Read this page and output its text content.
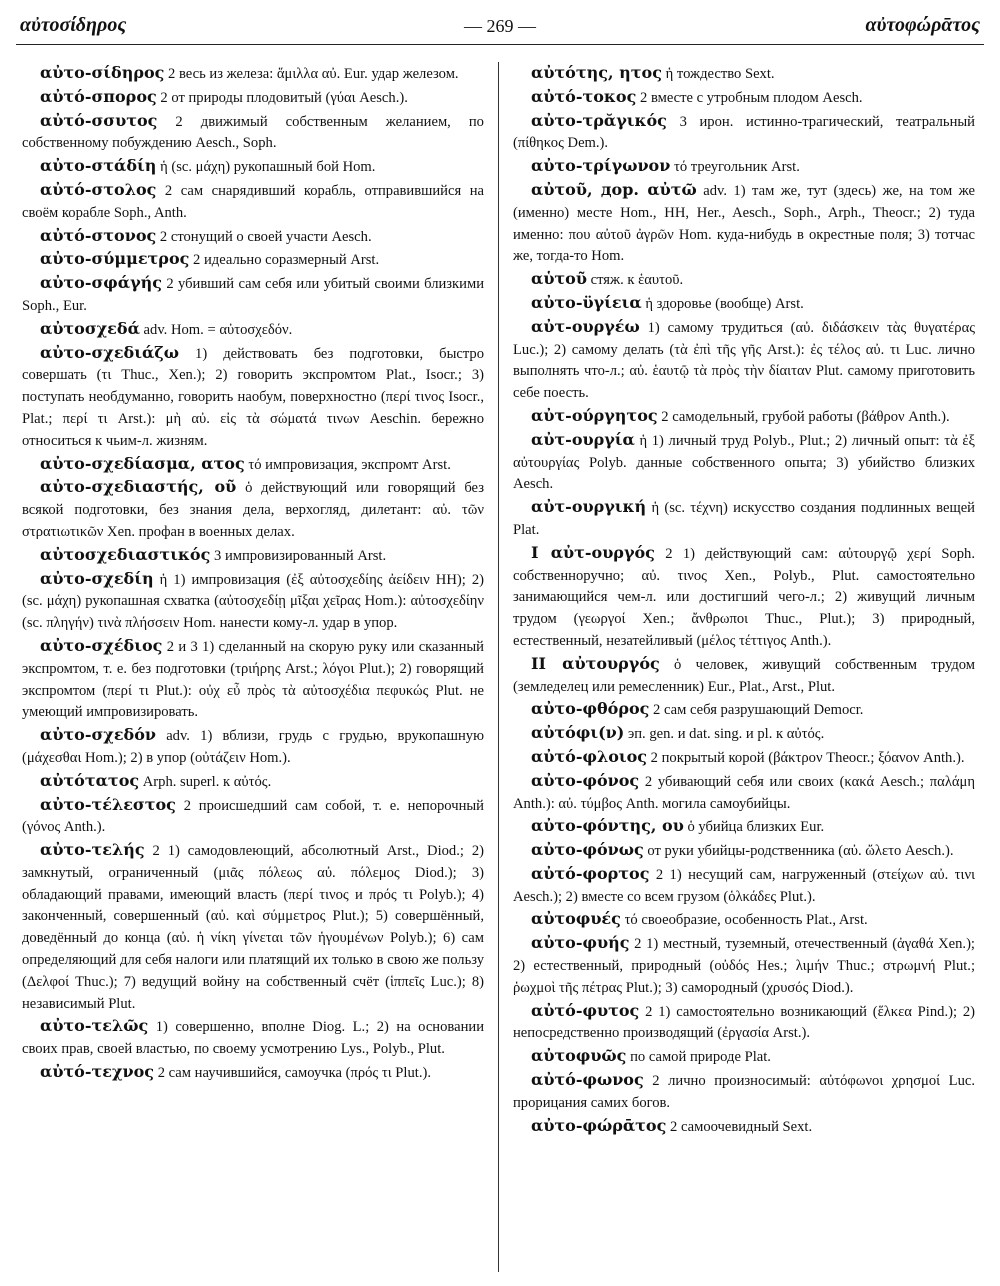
αὐτοσίδηρος	— 269 —	αὐτοφώρᾱτος

αὐτο-σίδηρος 2 весь из железа: ἅμιλλα αὐ. Eur. удар железом.

αὐτό-σπορος 2 от природы плодовитый (γύαι Aesch.).

αὐτό-σσυτος 2 движимый собственным желанием, по собственному побуждению Aesch., Soph.

αὐτο-στάδίη ἡ (sc. μάχη) рукопашный бой Hom.

αὐτό-στολος 2 сам снарядивший корабль, отправившийся на своём корабле Soph., Anth.

αὐτό-στονος 2 стонущий о своей участи Aesch.

αὐτο-σύμμετρος 2 идеально соразмерный Arst.

αὐτο-σφάγής 2 убивший сам себя или убитый своими близкими Soph., Eur.

αὐτοσχεδά adv. Hom. = αὐτοσχεδόν.

αὐτο-σχεδιάζω 1) действовать без подготовки, быстро совершать (τι Thuc., Xen.); 2) говорить экспромтом Plat., Isocr.; 3) поступать необдуманно, говорить наобум, поверхностно (περί τινος Isocr., Plat.; περί τι Arst.): μὴ αὐ. εἰς τὰ σώματά τινων Aeschin. бережно относиться к чьим-л. жизням.

αὐτο-σχεδίασμα, ατος τό импровизация, экспромт Arst.

αὐτο-σχεδιαστής, οῦ ὁ действующий или говорящий без всякой подготовки, без знания дела, верхогляд, дилетант: αὐ. τῶν στρατιωτικῶν Xen. профан в военных делах.

αὐτοσχεδιαστικός 3 импровизированный Arst.

αὐτο-σχεδίη ἡ 1) импровизация (ἐξ αὐτοσχεδίης ἀείδειν HH); 2) (sc. μάχη) рукопашная схватка (αὐτοσχεδίῃ μῖξαι χεῖρας Hom.): αὐτοσχεδίην (sc. πληγήν) τινὰ πλήσσειν Hom. нанести кому-л. удар в упор.

αὐτο-σχέδιος 2 и 3 1) сделанный на скорую руку или сказанный экспромтом, т. е. без подготовки (τριήρης Arst.; λόγοι Plut.); 2) говорящий экспромтом (περί τι Plut.): οὐχ εὖ πρὸς τὰ αὐτοσχέδια πεφυκώς Plut. не умеющий импровизировать.

αὐτο-σχεδόν adv. 1) вблизи, грудь с грудью, врукопашную (μάχεσθαι Hom.); 2) в упор (οὐτάζειν Hom.).

αὐτότατος Arph. superl. к αὐτός.

αὐτο-τέλεστος 2 происшедший сам собой, т. е. непорочный (γόνος Anth.).

αὐτο-τελής 2 1) самодовлеющий, абсолютный Arst., Diod.; 2) замкнутый, ограниченный (μιᾶς πόλεως αὐ. πόλεμος Diod.); 3) обладающий правами, имеющий власть (περί τινος и πρός τι Polyb.); 4) законченный, совершенный (αὐ. καὶ σύμμετρος Plut.); 5) совершённый, доведённый до конца (αὐ. ἡ νίκη γίνεται τῶν ἡγουμένων Polyb.); 6) сам определяющий для себя налоги или платящий их только в свою же пользу (Δελφοί Thuc.); 7) ведущий войну на собственный счёт (ἱππεῖς Luc.); 8) независимый Plut.

αὐτο-τελῶς 1) совершенно, вполне Diog. L.; 2) на основании своих прав, своей властью, по своему усмотрению Lys., Polyb., Plut.

αὐτό-τεχνος 2 сам научившийся, самоучка (πρός τι Plut.).

αὐτότης, ητος ἡ тождество Sext.

αὐτό-τοκος 2 вместе с утробным плодом Aesch.

αὐτο-τρᾰγικός 3 ирон. истинно-трагический, театральный (πίθηκος Dem.).

αὐτο-τρίγωνον τό треугольник Arst.

αὐτοῦ, дор. αὐτῶ adv. 1) там же, тут (здесь) же, на том же (именно) месте Hom., HH, Her., Aesch., Soph., Arph., Theocr.; 2) туда именно: που αὐτοῦ ἀγρῶν Hom. куда-нибудь в окрестные поля; 3) тотчас же, тогда-то Hom.

αὑτοῦ стяж. к ἑαυτοῦ.

αὐτο-ϋγίεια ἡ здоровье (вообще) Arst.

αὐτ-ουργέω 1) самому трудиться (αὐ. διδάσκειν τὰς θυγατέρας Luc.); 2) самому делать (τὰ ἐπὶ τῆς γῆς Arst.): ἐς τέλος αὐ. τι Luc. лично выполнять что-л.; αὐ. ἑαυτῷ τὰ πρὸς τὴν δίαιταν Plut. самому приготовить себе поесть.

αὐτ-ούργητος 2 самодельный, грубой работы (βάθρον Anth.).

αὐτ-ουργία ἡ 1) личный труд Polyb., Plut.; 2) личный опыт: τὰ ἐξ αὐτουργίας Polyb. данные собственного опыта; 3) убийство близких Aesch.

αὐτ-ουργική ἡ (sc. τέχνη) искусство создания подлинных вещей Plat.

I αὐτ-ουργός 2 1) действующий сам: αὐτουργῷ χερί Soph. собственноручно; αὐ. τινος Xen., Polyb., Plut. самостоятельно занимающийся чем-л. или достигший чего-л.; 2) живущий личным трудом (γεωργοί Xen.; ἄνθρωποι Thuc., Plut.); 3) природный, естественный, незатейливый (μέλος τέττιγος Anth.).

II αὐτουργός ὁ человек, живущий собственным трудом (земледелец или ремесленник) Eur., Plat., Arst., Plut.

αὐτο-φθόρος 2 сам себя разрушающий Democr.

αὐτόφι(ν) эп. gen. и dat. sing. и pl. к αὐτός.

αὐτό-φλοιος 2 покрытый корой (βάκτρον Theocr.; ξόανον Anth.).

αὐτο-φόνος 2 убивающий себя или своих (κακά Aesch.; παλάμη Anth.): αὐ. τύμβος Anth. могила самоубийцы.

αὐτο-φόντης, ου ὁ убийца близких Eur.

αὐτο-φόνως от руки убийцы-родственника (αὐ. ὤλετο Aesch.).

αὐτό-φορτος 2 1) несущий сам, нагруженный (στείχων αὐ. τινι Aesch.); 2) вместе со всем грузом (ὁλκάδες Plut.).

αὐτοφυές τό своеобразие, особенность Plat., Arst.

αὐτο-φυής 2 1) местный, туземный, отечественный (ἀγαθά Xen.); 2) естественный, природный (οὐδός Hes.; λιμήν Thuc.; στρωμνή Plut.; ῥωχμοὶ τῆς πέτρας Plut.); 3) самородный (χρυσός Diod.).

αὐτό-φυτος 2 1) самостоятельно возникающий (ἕλκεα Pind.); 2) непосредственно производящий (ἐργασία Arst.).

αὐτοφυῶς по самой природе Plat.

αὐτό-φωνος 2 лично произносимый: αὐτόφωνοι χρησμοί Luc. прорицания самих богов.

αὐτο-φώρᾱτος 2 самоочевидный Sext.
